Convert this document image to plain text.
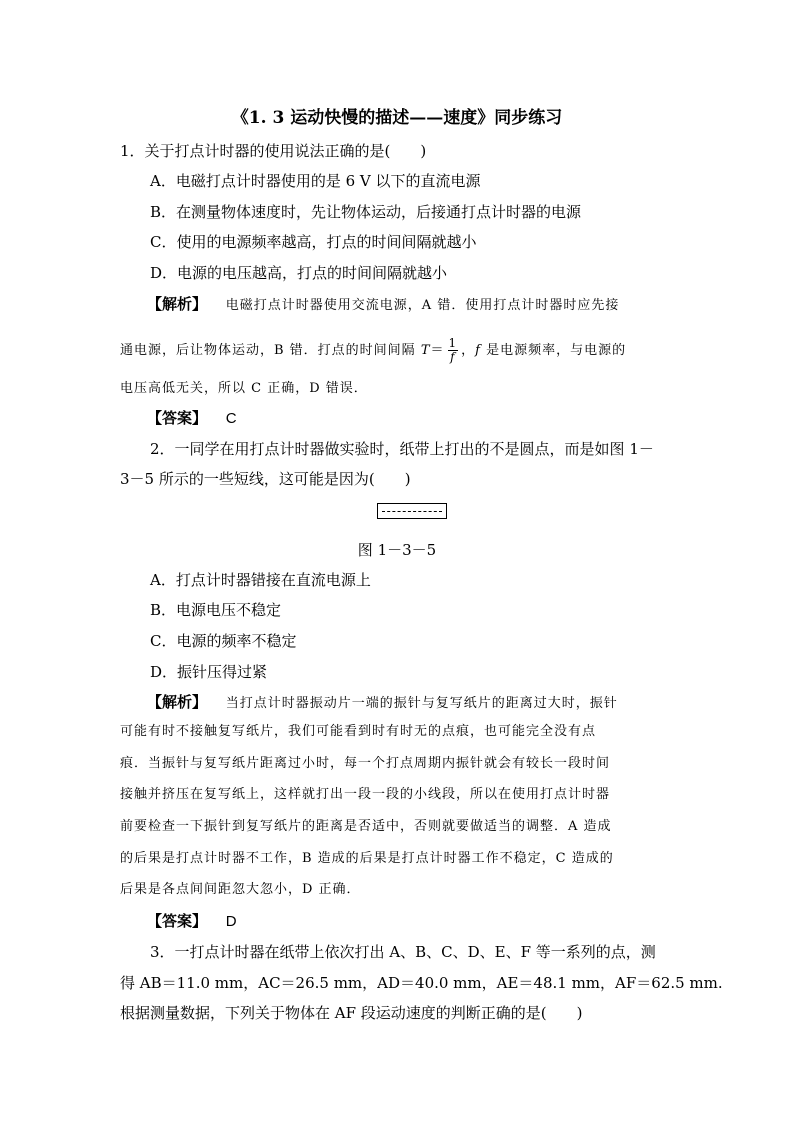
《1. 3 运动快慢的描述——速度》同步练习
1．关于打点计时器的使用说法正确的是(　　)
A．电磁打点计时器使用的是 6 V 以下的直流电源
B．在测量物体速度时，先让物体运动，后接通打点计时器的电源
C．使用的电源频率越高，打点的时间间隔就越小
D．电源的电压越高，打点的时间间隔就越小
【解析】 电磁打点计时器使用交流电源，A 错．使用打点计时器时应先接
通电源，后让物体运动，B 错．打点的时间间隔 $T= \frac{1}{f}$ ，f 是电源频率，与电源的
电压高低无关，所以 C 正确，D 错误．
【答案】 C
2．一同学在用打点计时器做实验时，纸带上打出的不是圆点，而是如图 1－
3－5 所示的一些短线，这可能是因为(　　)
图 1－3－5
A．打点计时器错接在直流电源上
B．电源电压不稳定
C．电源的频率不稳定
D．振针压得过紧
【解析】 当打点计时器振动片一端的振针与复写纸片的距离过大时，振针
可能有时不接触复写纸片，我们可能看到时有时无的点痕，也可能完全没有点
痕．当振针与复写纸片距离过小时，每一个打点周期内振针就会有较长一段时间
接触并挤压在复写纸上，这样就打出一段一段的小线段，所以在使用打点计时器
前要检查一下振针到复写纸片的距离是否适中，否则就要做适当的调整．A 造成
的后果是打点计时器不工作，B 造成的后果是打点计时器工作不稳定，C 造成的
后果是各点间间距忽大忽小，D 正确．
【答案】 D
3．一打点计时器在纸带上依次打出 A、B、C、D、E、F 等一系列的点，测
得 AB＝11.0 mm，AC＝26.5 mm，AD＝40.0 mm，AE＝48.1 mm，AF＝62.5 mm.
根据测量数据，下列关于物体在 AF 段运动速度的判断正确的是(　　)
